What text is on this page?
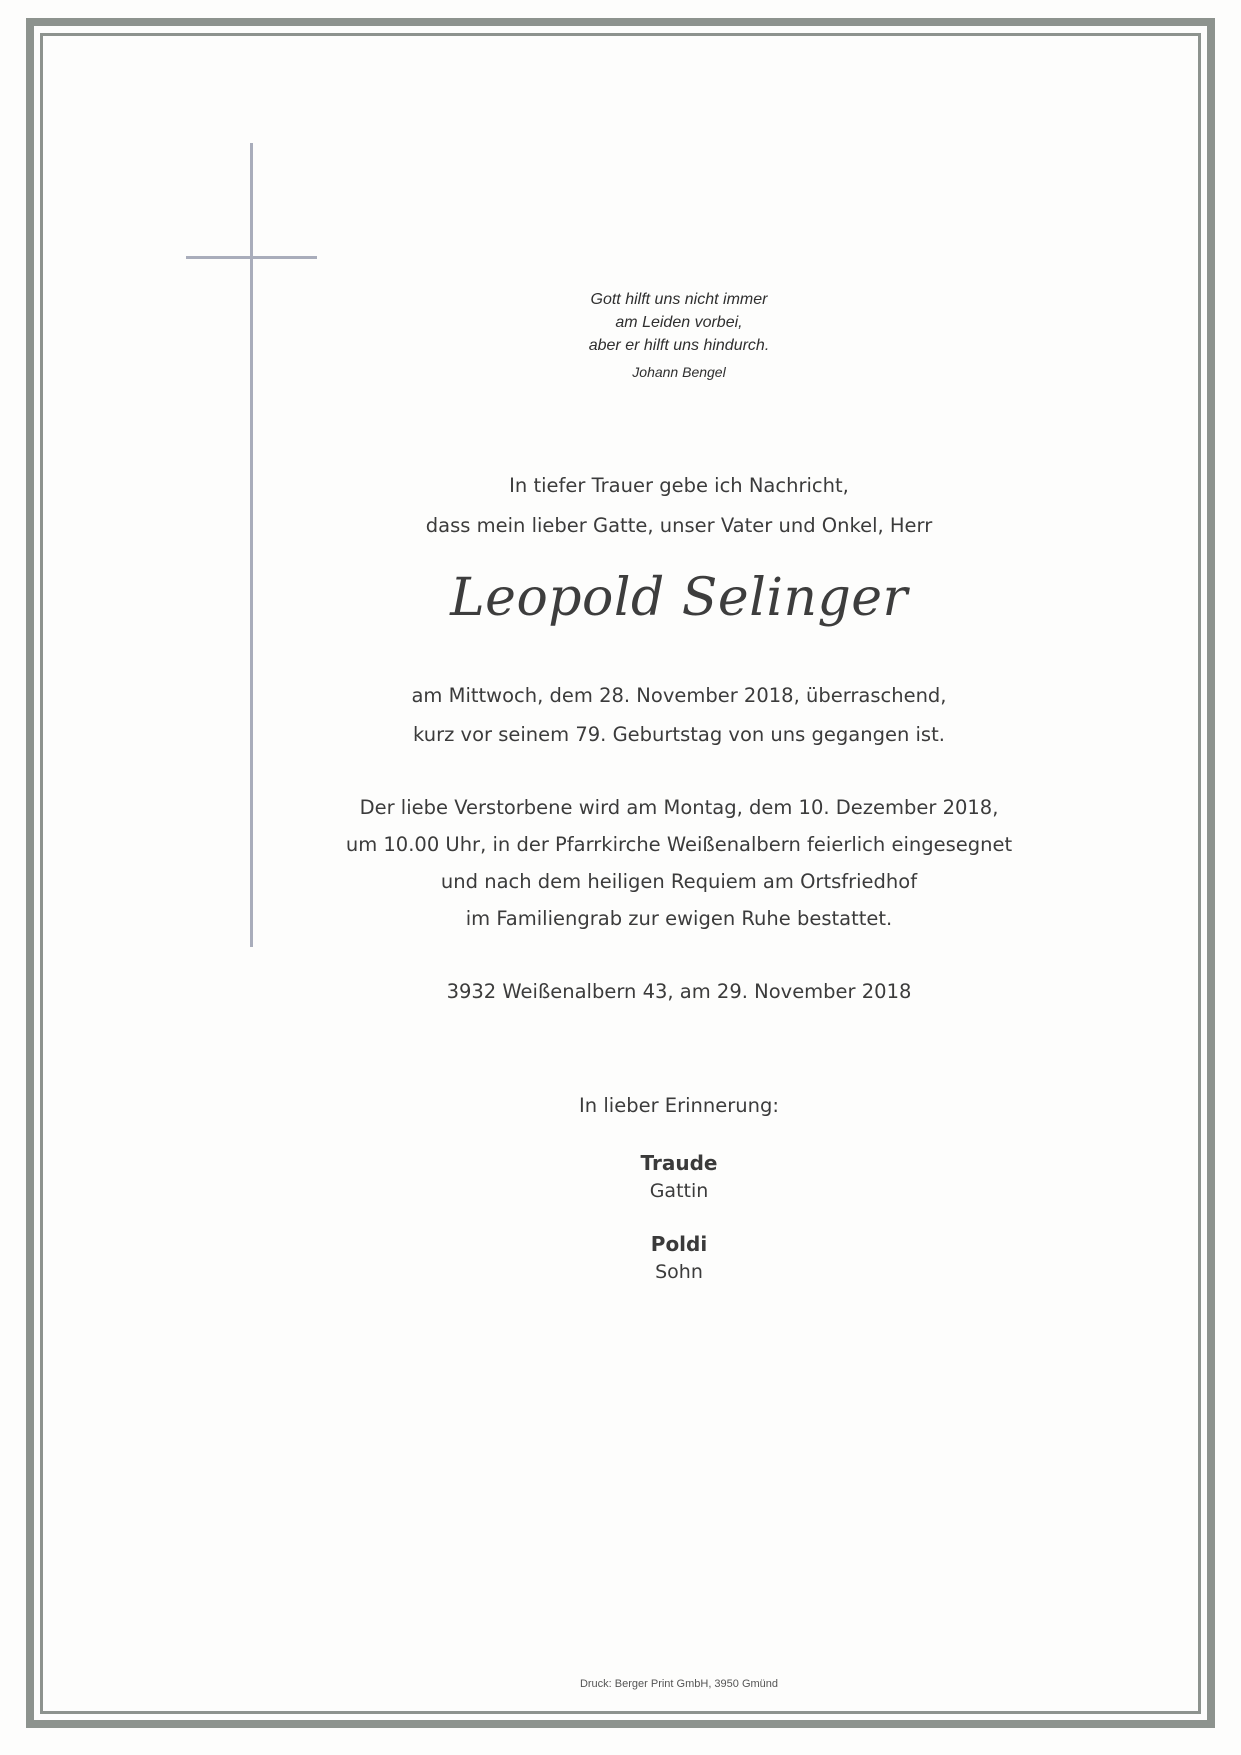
Gott hilft uns nicht immer
am Leiden vorbei,
aber er hilft uns hindurch.
Johann Bengel
In tiefer Trauer gebe ich Nachricht,
dass mein lieber Gatte, unser Vater und Onkel, Herr
Leopold Selinger
am Mittwoch, dem 28. November 2018, überraschend,
kurz vor seinem 79. Geburtstag von uns gegangen ist.
Der liebe Verstorbene wird am Montag, dem 10. Dezember 2018,
um 10.00 Uhr, in der Pfarrkirche Weißenalbern feierlich eingesegnet
und nach dem heiligen Requiem am Ortsfriedhof
im Familiengrab zur ewigen Ruhe bestattet.
3932 Weißenalbern 43, am 29. November 2018
In lieber Erinnerung:
Traude
Gattin
Poldi
Sohn
Druck: Berger Print GmbH, 3950 Gmünd
